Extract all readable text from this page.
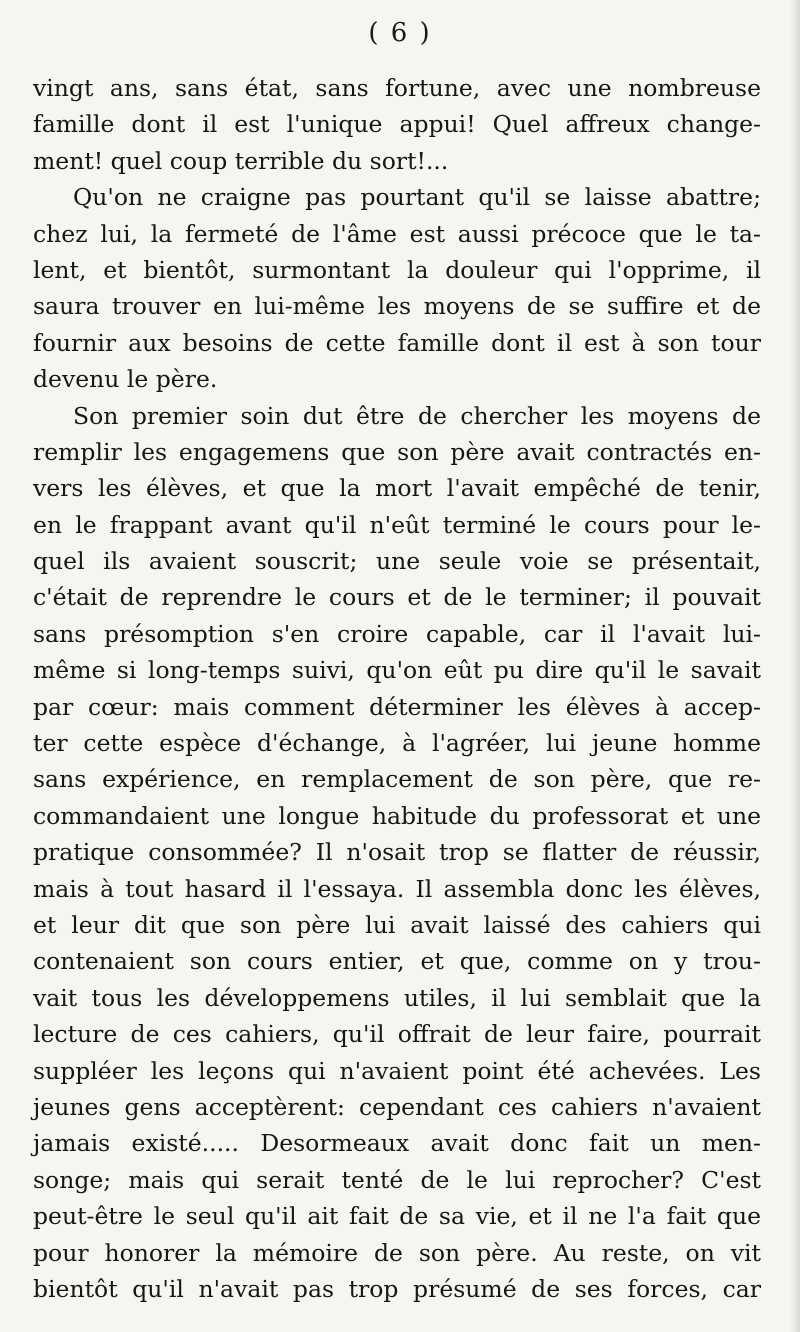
( 6 )
vingt ans, sans état, sans fortune, avec une nombreuse
famille dont il est l'unique appui! Quel affreux change-
ment! quel coup terrible du sort!...
Qu'on ne craigne pas pourtant qu'il se laisse abattre;
chez lui, la fermeté de l'âme est aussi précoce que le ta-
lent, et bientôt, surmontant la douleur qui l'opprime, il
saura trouver en lui-même les moyens de se suffire et de
fournir aux besoins de cette famille dont il est à son tour
devenu le père.
Son premier soin dut être de chercher les moyens de
remplir les engagemens que son père avait contractés en-
vers les élèves, et que la mort l'avait empêché de tenir,
en le frappant avant qu'il n'eût terminé le cours pour le-
quel ils avaient souscrit; une seule voie se présentait,
c'était de reprendre le cours et de le terminer; il pouvait
sans présomption s'en croire capable, car il l'avait lui-
même si long-temps suivi, qu'on eût pu dire qu'il le savait
par cœur: mais comment déterminer les élèves à accep-
ter cette espèce d'échange, à l'agréer, lui jeune homme
sans expérience, en remplacement de son père, que re-
commandaient une longue habitude du professorat et une
pratique consommée? Il n'osait trop se flatter de réussir,
mais à tout hasard il l'essaya. Il assembla donc les élèves,
et leur dit que son père lui avait laissé des cahiers qui
contenaient son cours entier, et que, comme on y trou-
vait tous les développemens utiles, il lui semblait que la
lecture de ces cahiers, qu'il offrait de leur faire, pourrait
suppléer les leçons qui n'avaient point été achevées. Les
jeunes gens acceptèrent: cependant ces cahiers n'avaient
jamais existé..... Desormeaux avait donc fait un men-
songe; mais qui serait tenté de le lui reprocher? C'est
peut-être le seul qu'il ait fait de sa vie, et il ne l'a fait que
pour honorer la mémoire de son père. Au reste, on vit
bientôt qu'il n'avait pas trop présumé de ses forces, car
